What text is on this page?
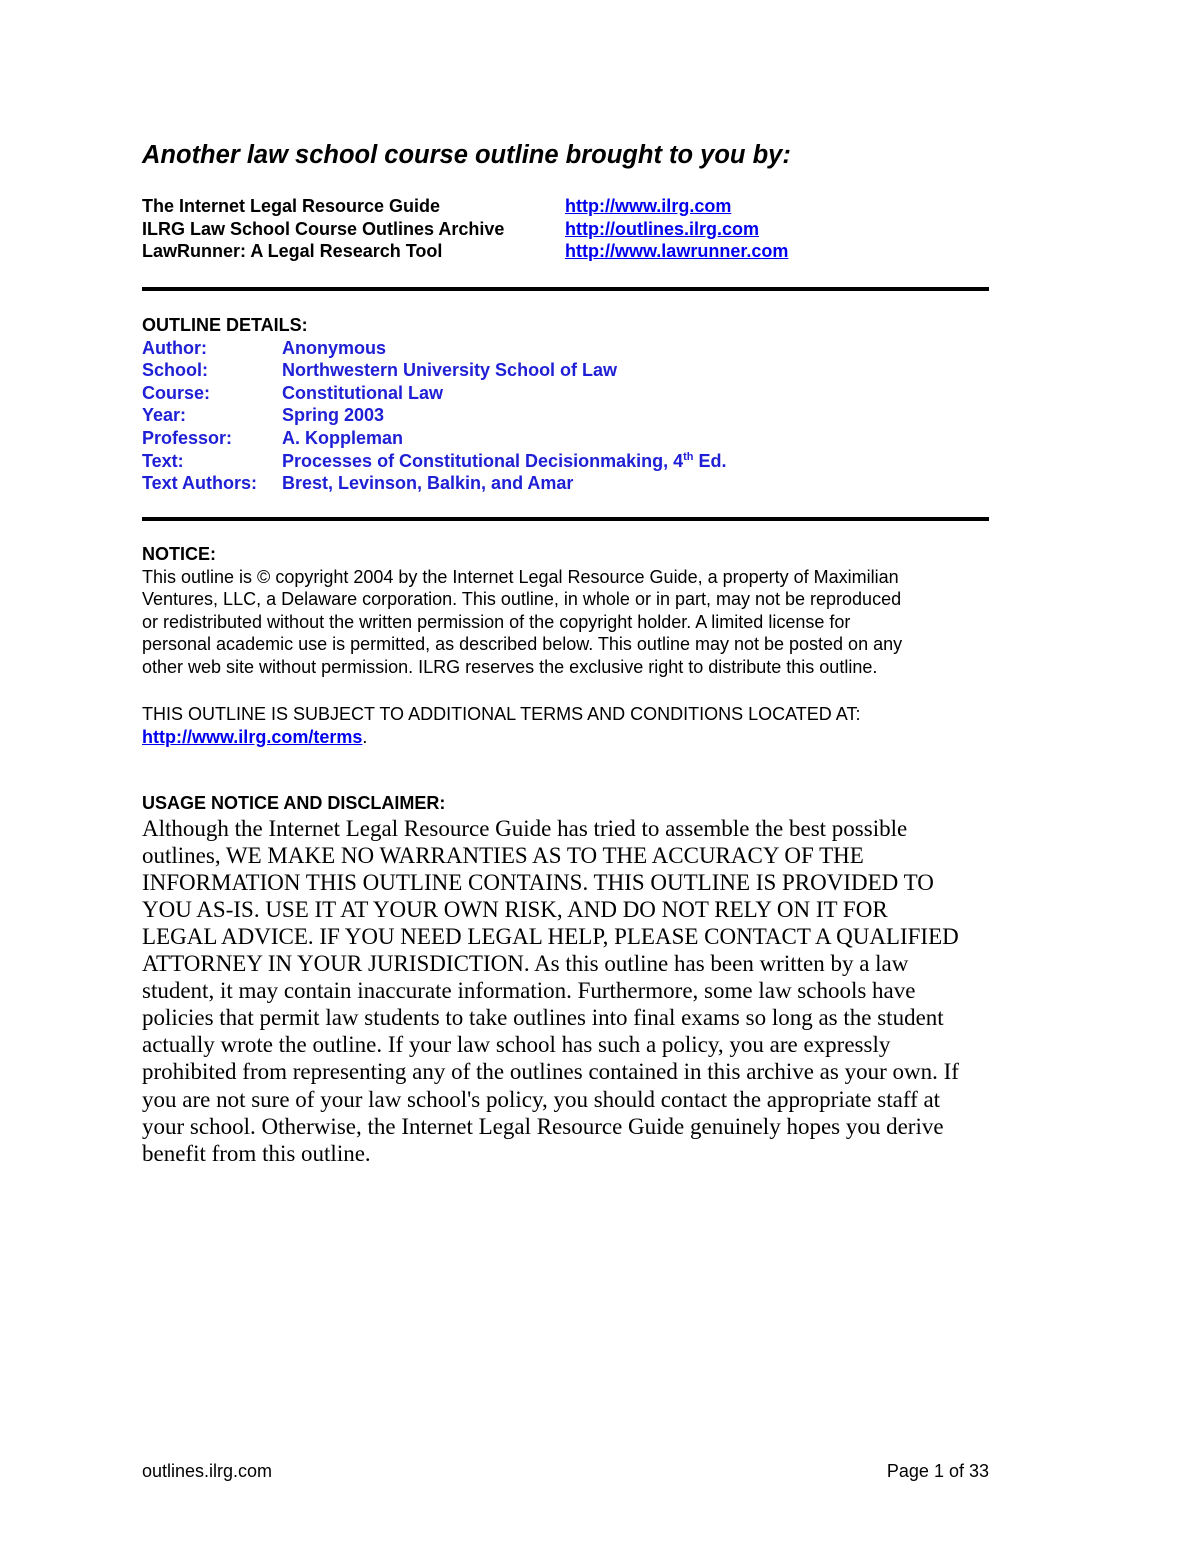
Another law school course outline brought to you by:
The Internet Legal Resource Guide	http://www.ilrg.com
ILRG Law School Course Outlines Archive	http://outlines.ilrg.com
LawRunner: A Legal Research Tool	http://www.lawrunner.com
OUTLINE DETAILS:
Author:	Anonymous
School:	Northwestern University School of Law
Course:	Constitutional Law
Year:	Spring 2003
Professor:	A. Koppleman
Text:	Processes of Constitutional Decisionmaking, 4th Ed.
Text Authors:	Brest, Levinson, Balkin, and Amar
NOTICE:
This outline is © copyright 2004 by the Internet Legal Resource Guide, a property of Maximilian
Ventures, LLC, a Delaware corporation. This outline, in whole or in part, may not be reproduced
or redistributed without the written permission of the copyright holder. A limited license for
personal academic use is permitted, as described below. This outline may not be posted on any
other web site without permission. ILRG reserves the exclusive right to distribute this outline.
THIS OUTLINE IS SUBJECT TO ADDITIONAL TERMS AND CONDITIONS LOCATED AT:
http://www.ilrg.com/terms.
USAGE NOTICE AND DISCLAIMER:
Although the Internet Legal Resource Guide has tried to assemble the best possible
outlines, WE MAKE NO WARRANTIES AS TO THE ACCURACY OF THE
INFORMATION THIS OUTLINE CONTAINS. THIS OUTLINE IS PROVIDED TO
YOU AS-IS. USE IT AT YOUR OWN RISK, AND DO NOT RELY ON IT FOR
LEGAL ADVICE. IF YOU NEED LEGAL HELP, PLEASE CONTACT A QUALIFIED
ATTORNEY IN YOUR JURISDICTION. As this outline has been written by a law
student, it may contain inaccurate information. Furthermore, some law schools have
policies that permit law students to take outlines into final exams so long as the student
actually wrote the outline. If your law school has such a policy, you are expressly
prohibited from representing any of the outlines contained in this archive as your own. If
you are not sure of your law school's policy, you should contact the appropriate staff at
your school. Otherwise, the Internet Legal Resource Guide genuinely hopes you derive
benefit from this outline.
outlines.ilrg.com	Page 1 of 33
